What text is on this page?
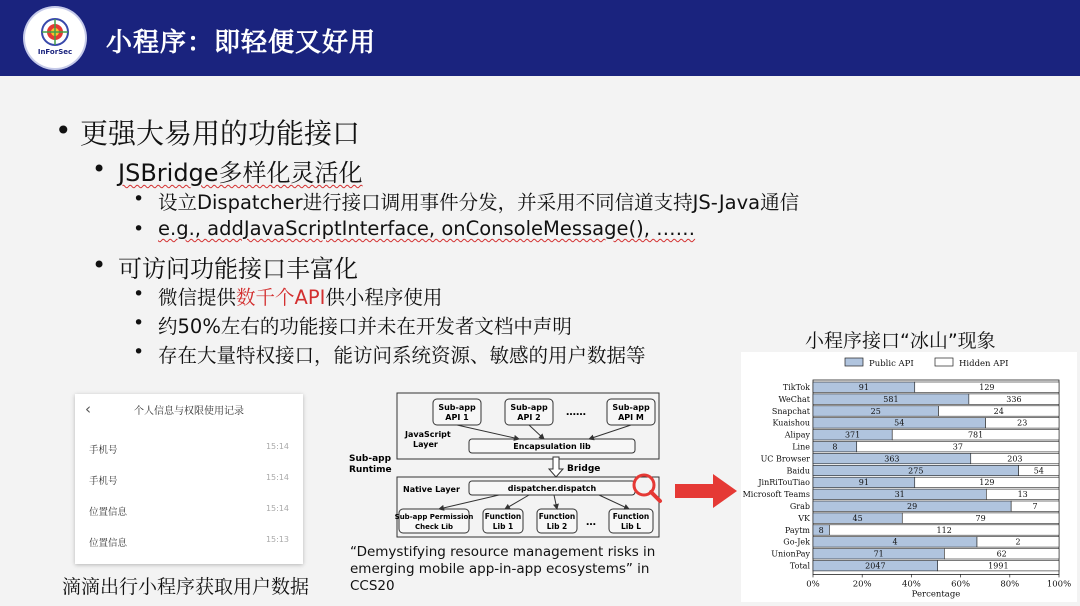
InForSec	小程序：即轻便又好用
• 更强大易用的功能接口
• JSBridge多样化灵活化
• 设立Dispatcher进行接口调用事件分发，并采用不同信道支持JS-Java通信
• e.g., addJavaScriptInterface, onConsoleMessage(), ……
• 可访问功能接口丰富化
• 微信提供数千个API供小程序使用
• 约50%左右的功能接口并未在开发者文档中声明
• 存在大量特权接口，能访问系统资源、敏感的用户数据等
‹	个人信息与权限使用记录
手机号	15:14
手机号	15:14
位置信息	15:14
位置信息	15:13
滴滴出行小程序获取用户数据
Sub-app
API 1
Sub-app
API 2	……	Sub-app
API M
JavaScript
Layer	Encapsulation lib
Sub-app
Runtime	Bridge
Native Layer	dispatcher.dispatch
Sub-app Permission
Check Lib
Function
Lib 1
Function
Lib 2 …
Function
Lib L
“Demystifying resource management risks in emerging mobile app-in-app ecosystems” in CCS20
小程序接口“冰山”现象
Public API	Hidden API
TikTok	91	129
WeChat	581	336
Snapchat	25	24
Kuaishou	54	23
Alipay	371	781
Line	8	37
UC Browser	363	203
Baidu	275	54
JinRiTouTiao	91	129
Microsoft Teams	31	13
Grab	29	7
VK	45	79
Paytm 8	112
Go-Jek	4	2
UnionPay	71	62
Total	2047	1991
0%	20%	40%	60%	80%	100%
Percentage
